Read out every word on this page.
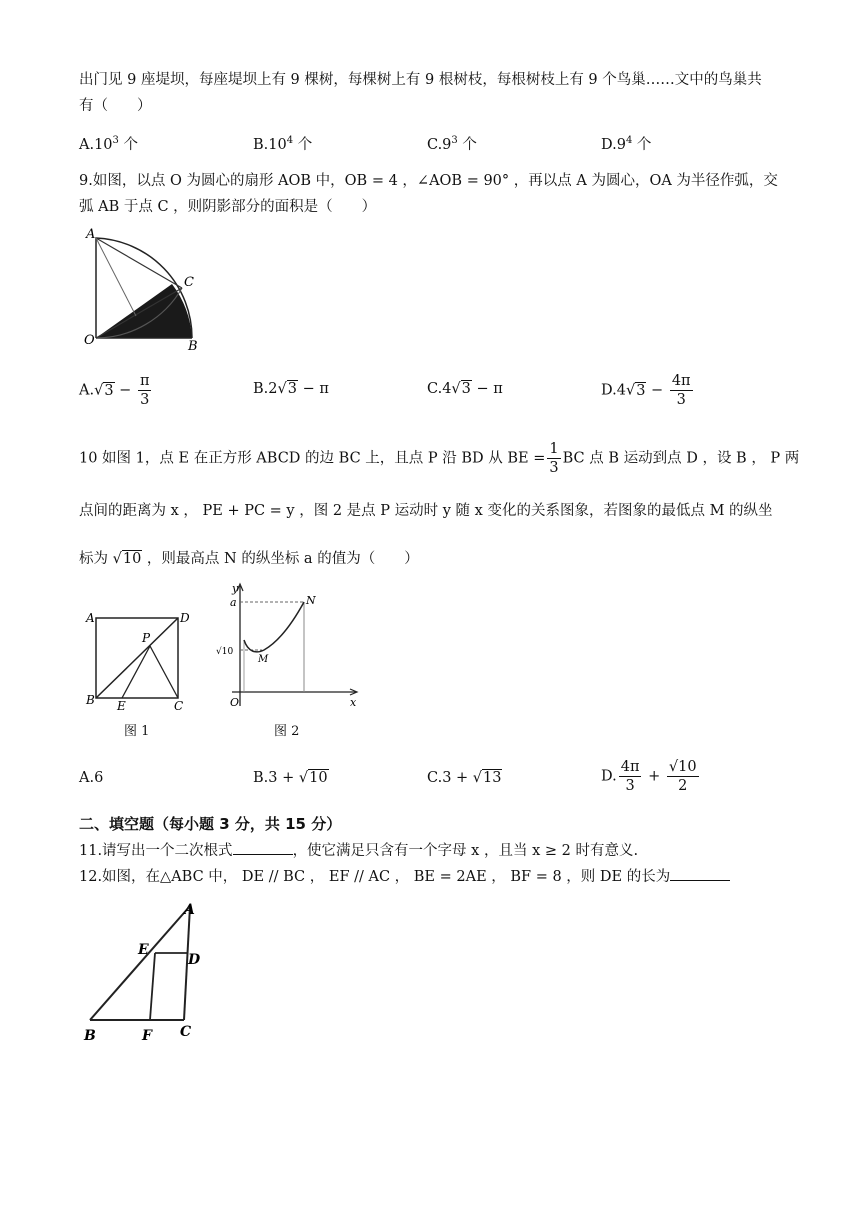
出门见 9 座堤坝，每座堤坝上有 9 棵树，每棵树上有 9 根树枝，每根树枝上有 9 个鸟巢……文中的鸟巢共
有（　　）
$A.10^3$ 个	$B.10^4$ 个	$C.9^3$ 个	$D.9^4$ 个
9.如图，以点 O 为圆心的扇形 AOB 中，OB = 4 ，∠AOB = 90° ，再以点 A 为圆心，OA 为半径作弧，交
弧 AB 于点 C ，则阴影部分的面积是（　　）
A
C
O	B
$A.√3 - \frac{\pi}{3}$	B.2√3 − π	C.4√3 − π	$D.4√3 - \frac{4\pi}{3}$
10 如图 1，点 E 在正方形 ABCD 的边 BC 上，且点 P 沿 BD 从 BE = $\frac{1}{3}$ BC 点 B 运动到点 D ，设 B ， P 两
点间的距离为 x ， PE + PC = y ，图 2 是点 P 运动时 y 随 x 变化的关系图象，若图象的最低点 M 的纵坐
标为 √10 ，则最高点 N 的纵坐标 a 的值为（　　）
A	D
P
B E	C
图 1
y
a	N
√10
M
O	x
图 2
A.6	B.3 + √10	C.3 + √13	D. $\frac{4\pi}{3} + \frac{√10}{2}$
二、填空题（每小题 3 分，共 15 分）
11.请写出一个二次根式	，使它满足只含有一个字母 x ，且当 x ≥ 2 时有意义.
12.如图，在△ABC 中， DE // BC ， EF // AC ， BE = 2AE ， BF = 8 ，则 DE 的长为
A
E
D
B	F C
